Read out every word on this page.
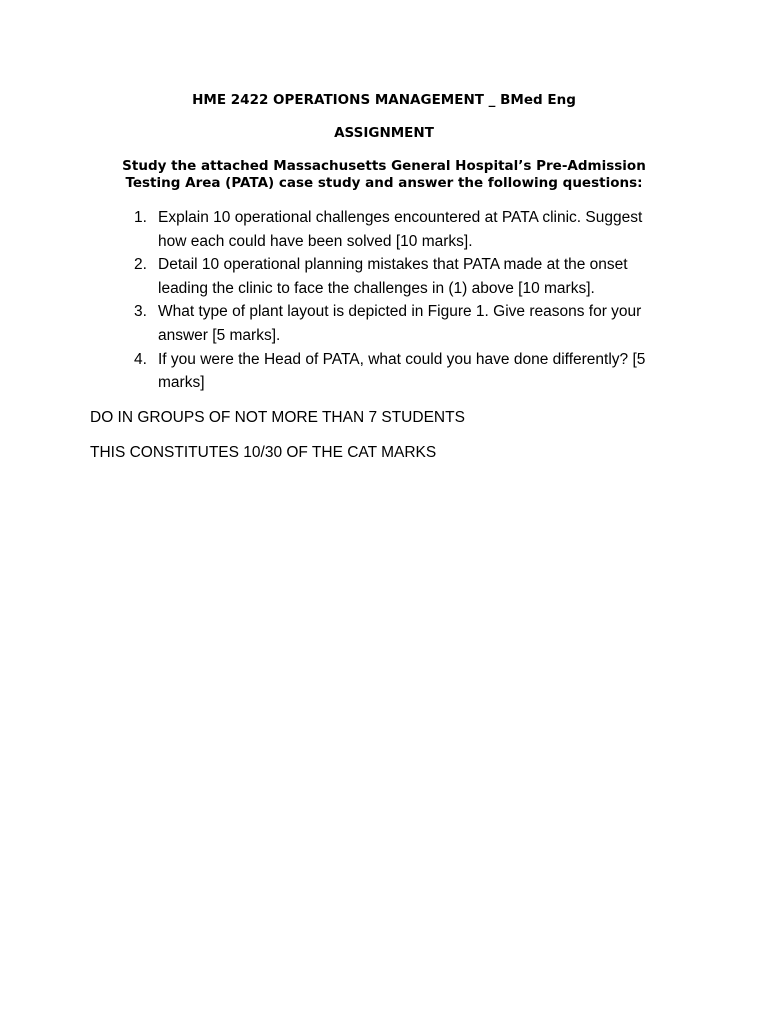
HME 2422 OPERATIONS MANAGEMENT _ BMed Eng
ASSIGNMENT
Study the attached Massachusetts General Hospital’s Pre-Admission
Testing Area (PATA) case study and answer the following questions:
1. Explain 10 operational challenges encountered at PATA clinic. Suggest
how each could have been solved [10 marks].
2. Detail 10 operational planning mistakes that PATA made at the onset
leading the clinic to face the challenges in (1) above [10 marks].
3. What type of plant layout is depicted in Figure 1. Give reasons for your
answer [5 marks].
4. If you were the Head of PATA, what could you have done differently? [5
marks]
DO IN GROUPS OF NOT MORE THAN 7 STUDENTS
THIS CONSTITUTES 10/30 OF THE CAT MARKS
